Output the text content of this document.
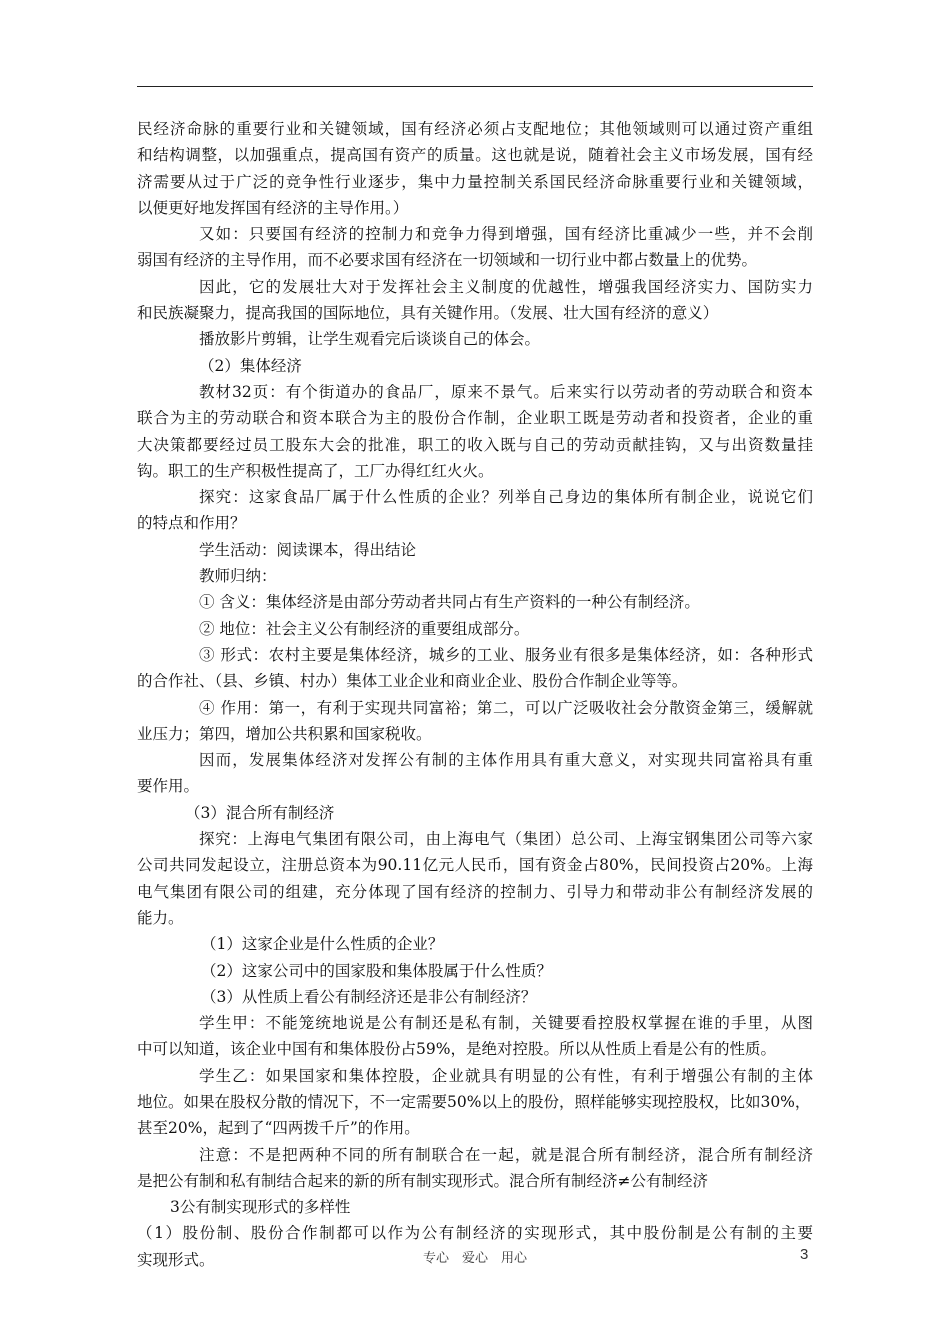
民经济命脉的重要行业和关键领域，国有经济必须占支配地位；其他领域则可以通过资产重组
和结构调整，以加强重点，提高国有资产的质量。这也就是说，随着社会主义市场发展，国有经
济需要从过于广泛的竞争性行业逐步，集中力量控制关系国民经济命脉重要行业和关键领域，
以便更好地发挥国有经济的主导作用。）
又如：只要国有经济的控制力和竞争力得到增强，国有经济比重减少一些，并不会削
弱国有经济的主导作用，而不必要求国有经济在一切领域和一切行业中都占数量上的优势。
因此，它的发展壮大对于发挥社会主义制度的优越性，增强我国经济实力、国防实力
和民族凝聚力，提高我国的国际地位，具有关键作用。（发展、壮大国有经济的意义）
播放影片剪辑，让学生观看完后谈谈自己的体会。
（2）集体经济
教材32页：有个街道办的食品厂，原来不景气。后来实行以劳动者的劳动联合和资本
联合为主的劳动联合和资本联合为主的股份合作制，企业职工既是劳动者和投资者，企业的重
大决策都要经过员工股东大会的批准，职工的收入既与自己的劳动贡献挂钩，又与出资数量挂
钩。职工的生产积极性提高了，工厂办得红红火火。
探究：这家食品厂属于什么性质的企业？列举自己身边的集体所有制企业，说说它们
的特点和作用？
学生活动：阅读课本，得出结论
教师归纳：
① 含义：集体经济是由部分劳动者共同占有生产资料的一种公有制经济。
② 地位：社会主义公有制经济的重要组成部分。
③ 形式：农村主要是集体经济，城乡的工业、服务业有很多是集体经济，如：各种形式
的合作社、（县、乡镇、村办）集体工业企业和商业企业、股份合作制企业等等。
④ 作用：第一，有利于实现共同富裕；第二，可以广泛吸收社会分散资金第三，缓解就
业压力；第四，增加公共积累和国家税收。
因而，发展集体经济对发挥公有制的主体作用具有重大意义，对实现共同富裕具有重
要作用。
（3）混合所有制经济
探究：上海电气集团有限公司，由上海电气（集团）总公司、上海宝钢集团公司等六家
公司共同发起设立，注册总资本为90.11亿元人民币，国有资金占80%，民间投资占20%。上海
电气集团有限公司的组建，充分体现了国有经济的控制力、引导力和带动非公有制经济发展的
能力。
（1）这家企业是什么性质的企业？
（2）这家公司中的国家股和集体股属于什么性质？
（3）从性质上看公有制经济还是非公有制经济？
学生甲：不能笼统地说是公有制还是私有制，关键要看控股权掌握在谁的手里，从图
中可以知道，该企业中国有和集体股份占59%，是绝对控股。所以从性质上看是公有的性质。
学生乙：如果国家和集体控股，企业就具有明显的公有性，有利于增强公有制的主体
地位。如果在股权分散的情况下，不一定需要50%以上的股份，照样能够实现控股权，比如30%，
甚至20%，起到了“四两拨千斤”的作用。
注意：不是把两种不同的所有制联合在一起，就是混合所有制经济，混合所有制经济
是把公有制和私有制结合起来的新的所有制实现形式。混合所有制经济≠公有制经济
3公有制实现形式的多样性
（1）股份制、股份合作制都可以作为公有制经济的实现形式，其中股份制是公有制的主要
实现形式。	专心　爱心　用心	3
